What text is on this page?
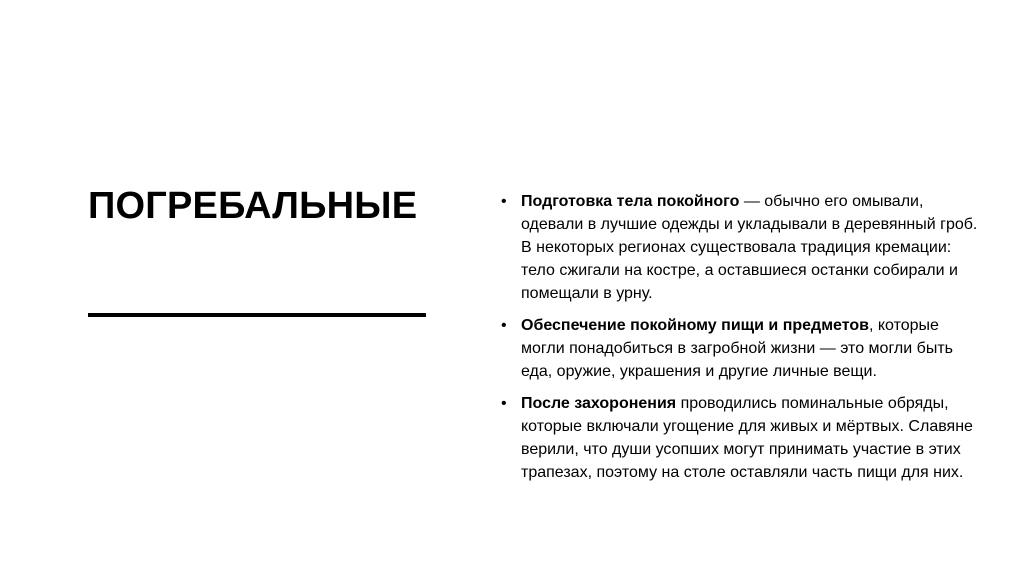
ПОГРЕБАЛЬНЫЕ	• Подготовка тела покойного — обычно его омывали, одевали в лучшие одежды и укладывали в деревянный гроб. В некоторых регионах существовала традиция кремации: тело сжигали на костре, а оставшиеся останки собирали и помещали в урну.
• Обеспечение покойному пищи и предметов, которые могли понадобиться в загробной жизни — это могли быть еда, оружие, украшения и другие личные вещи.
• После захоронения проводились поминальные обряды, которые включали угощение для живых и мёртвых. Славяне верили, что души усопших могут принимать участие в этих трапезах, поэтому на столе оставляли часть пищи для них.
